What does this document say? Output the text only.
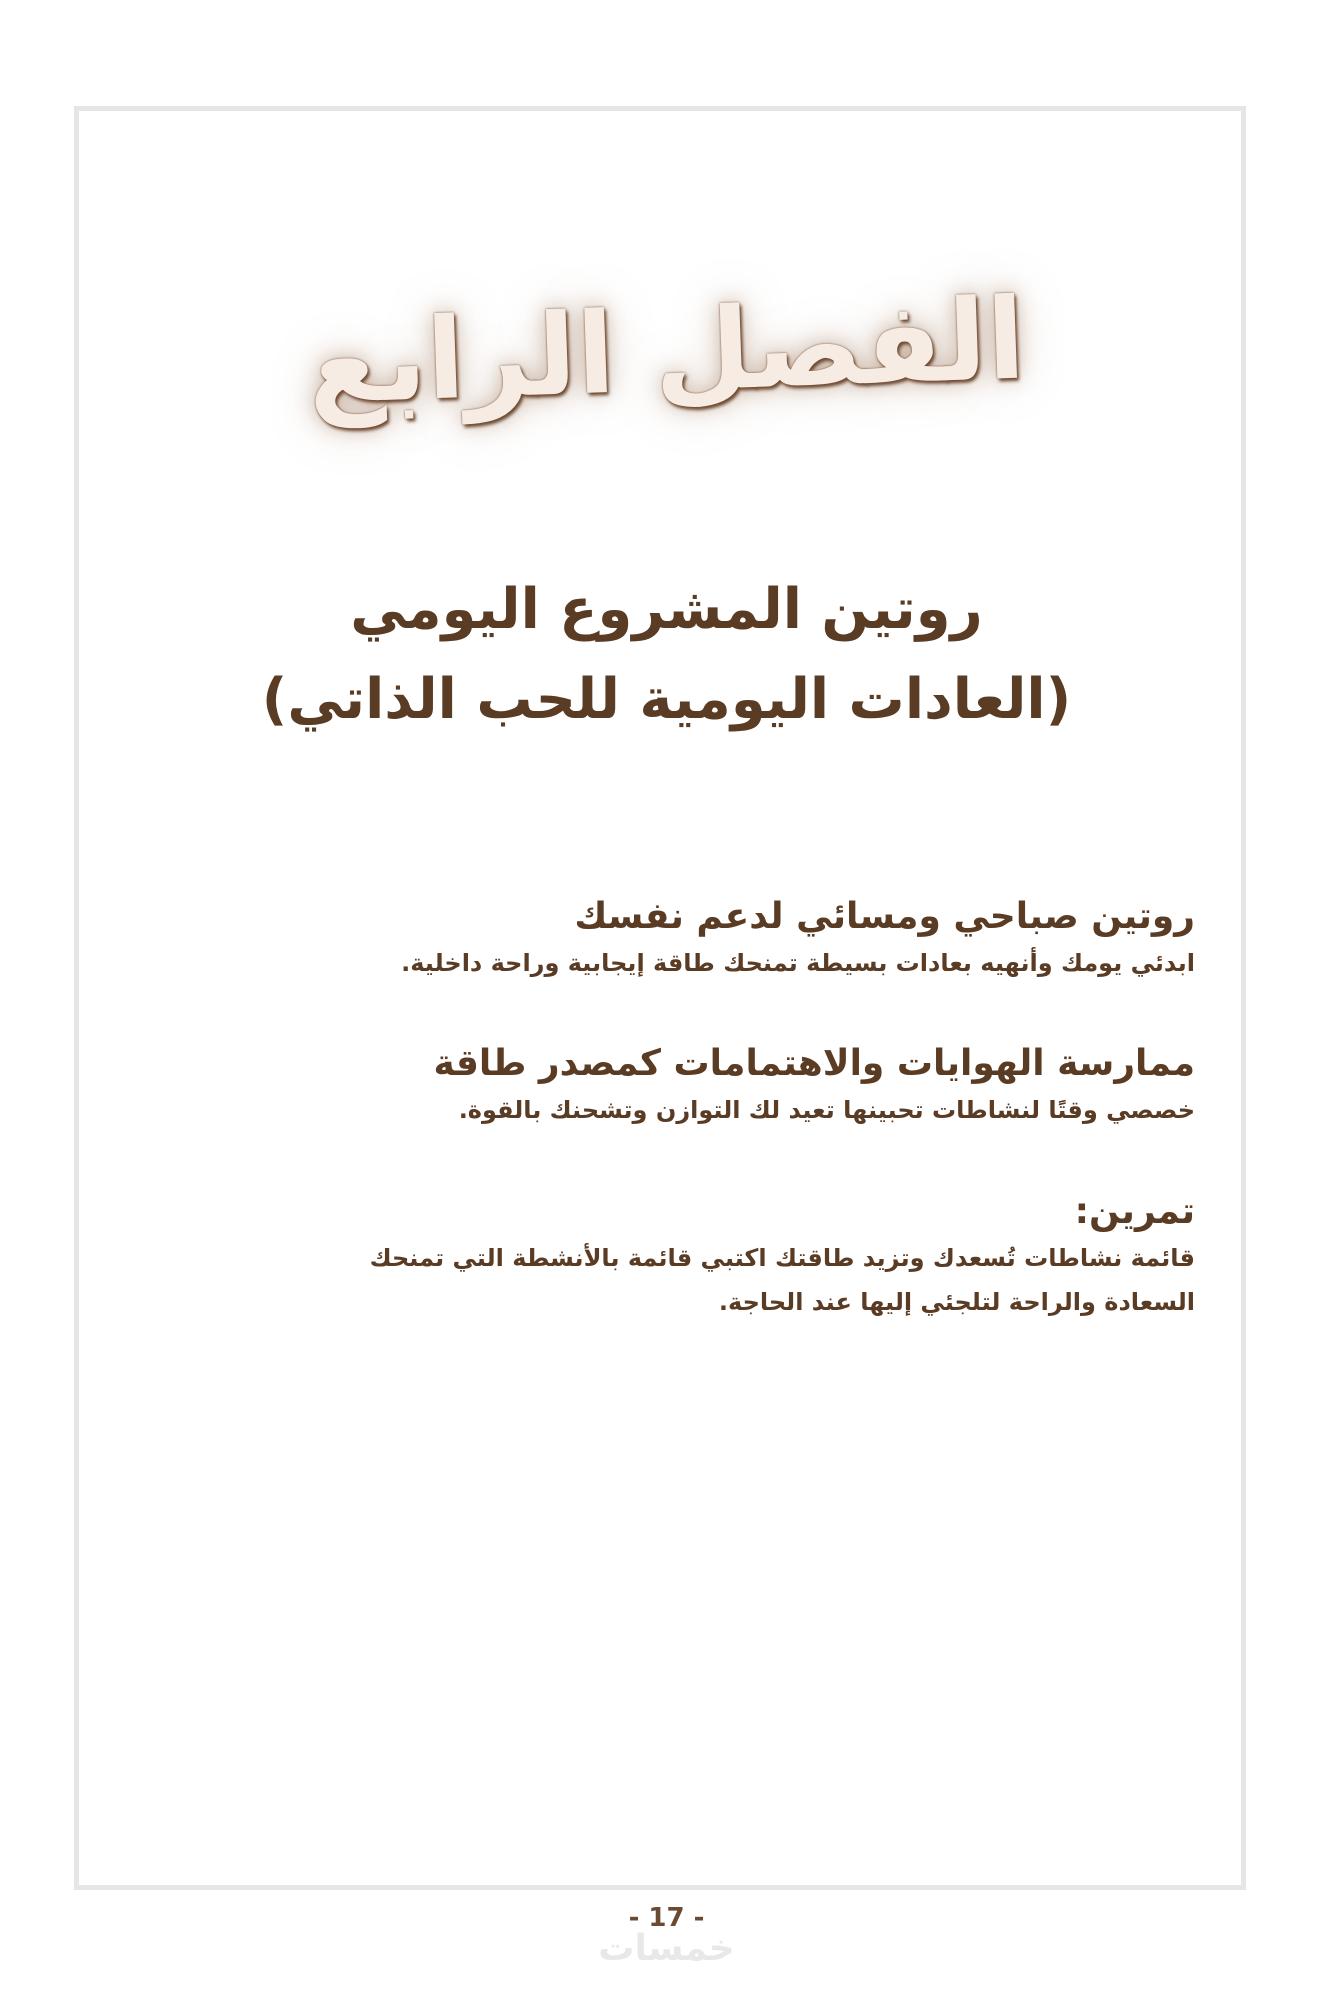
الفصل الرابع
روتين المشروع اليومي
(العادات اليومية للحب الذاتي)
روتين صباحي ومسائي لدعم نفسك
ابدئي يومك وأنهيه بعادات بسيطة تمنحك طاقة إيجابية وراحة داخلية.
ممارسة الهوايات والاهتمامات كمصدر طاقة
خصصي وقتًا لنشاطات تحبينها تعيد لك التوازن وتشحنك بالقوة.
تمرين:
قائمة نشاطات تُسعدك وتزيد طاقتك اكتبي قائمة بالأنشطة التي تمنحك
السعادة والراحة لتلجئي إليها عند الحاجة.
- 17 -
خمسات
